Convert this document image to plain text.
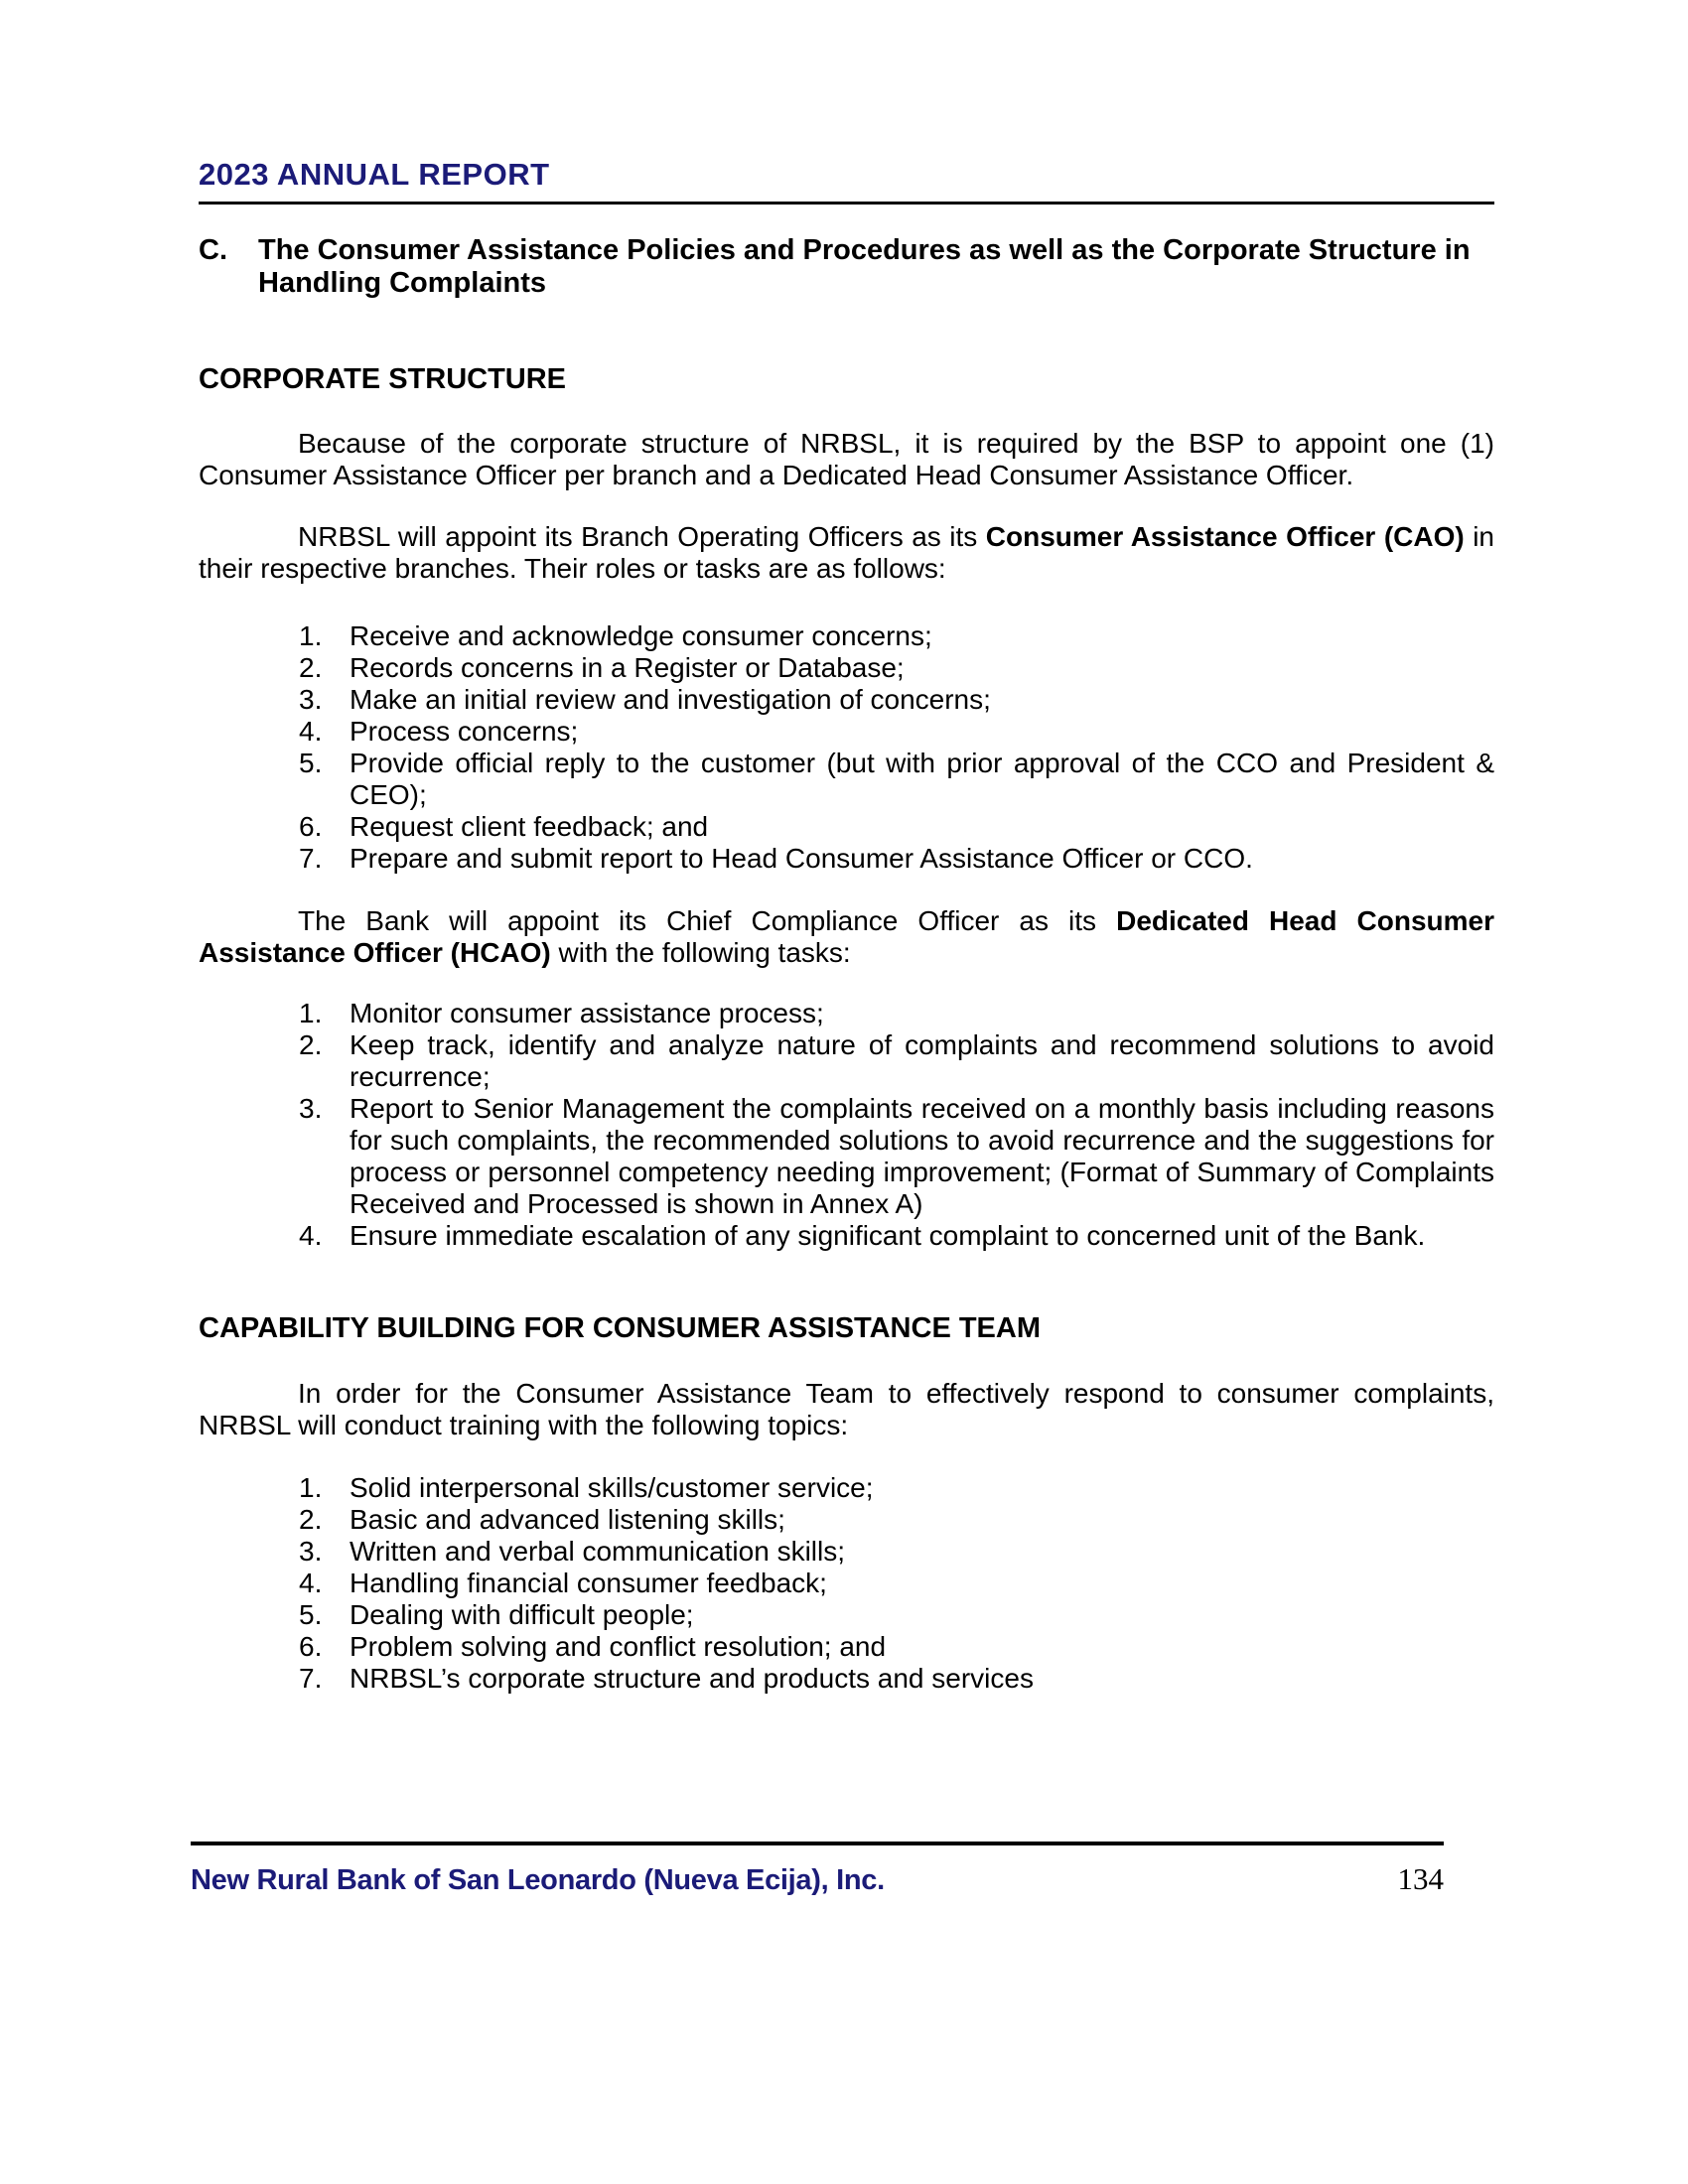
2023 ANNUAL REPORT
C.	The Consumer Assistance Policies and Procedures as well as the Corporate Structure in Handling Complaints
CORPORATE STRUCTURE
Because of the corporate structure of NRBSL, it is required by the BSP to appoint one (1) Consumer Assistance Officer per branch and a Dedicated Head Consumer Assistance Officer.
NRBSL will appoint its Branch Operating Officers as its Consumer Assistance Officer (CAO) in their respective branches. Their roles or tasks are as follows:
1. Receive and acknowledge consumer concerns;
2. Records concerns in a Register or Database;
3. Make an initial review and investigation of concerns;
4. Process concerns;
5. Provide official reply to the customer (but with prior approval of the CCO and President & CEO);
6. Request client feedback; and
7. Prepare and submit report to Head Consumer Assistance Officer or CCO.
The Bank will appoint its Chief Compliance Officer as its Dedicated Head Consumer Assistance Officer (HCAO) with the following tasks:
1. Monitor consumer assistance process;
2. Keep track, identify and analyze nature of complaints and recommend solutions to avoid recurrence;
3. Report to Senior Management the complaints received on a monthly basis including reasons for such complaints, the recommended solutions to avoid recurrence and the suggestions for process or personnel competency needing improvement; (Format of Summary of Complaints Received and Processed is shown in Annex A)
4. Ensure immediate escalation of any significant complaint to concerned unit of the Bank.
CAPABILITY BUILDING FOR CONSUMER ASSISTANCE TEAM
In order for the Consumer Assistance Team to effectively respond to consumer complaints, NRBSL will conduct training with the following topics:
1. Solid interpersonal skills/customer service;
2. Basic and advanced listening skills;
3. Written and verbal communication skills;
4. Handling financial consumer feedback;
5. Dealing with difficult people;
6. Problem solving and conflict resolution; and
7. NRBSL’s corporate structure and products and services
New Rural Bank of San Leonardo (Nueva Ecija), Inc.	134
